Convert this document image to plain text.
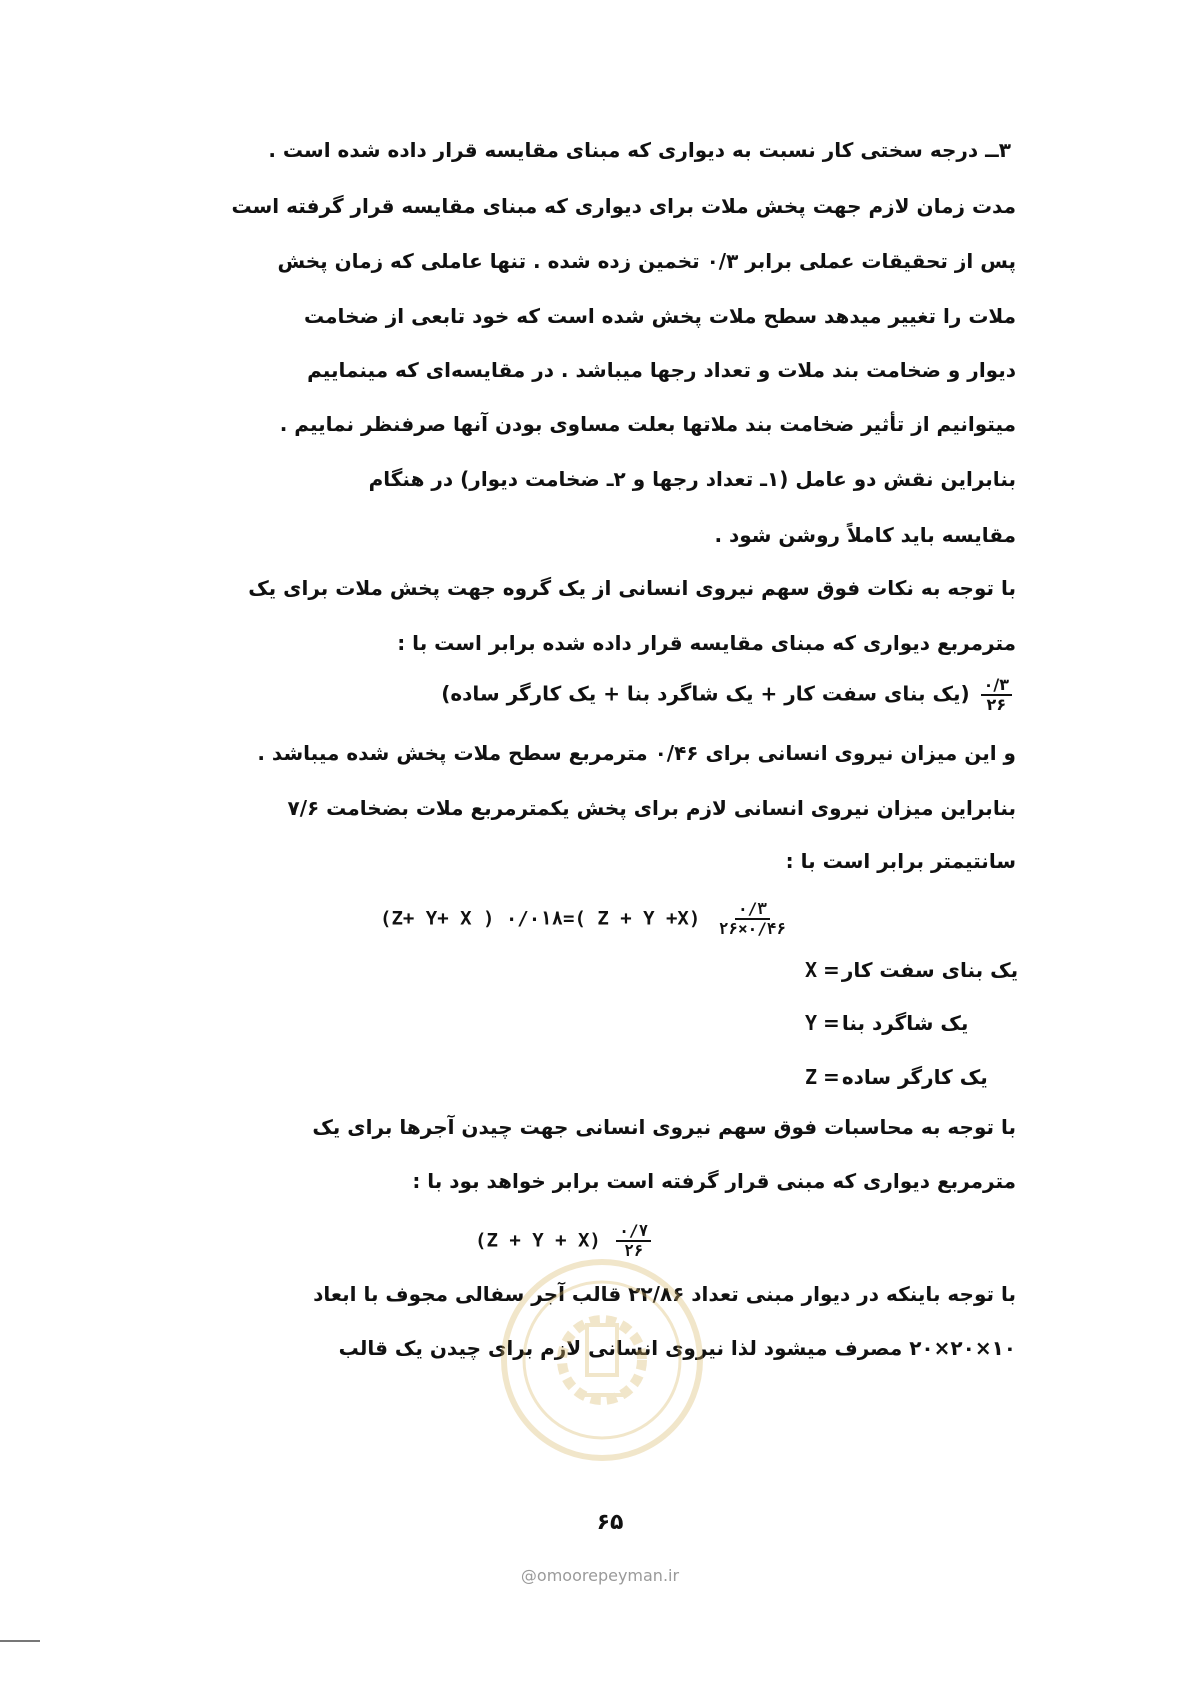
۳ــ درجه سختی کار نسبت به دیواری که مبنای مقایسه قرار داده شده است .
مدت زمان لازم جهت پخش ملات برای دیواری که مبنای مقایسه قرار گرفته است
پس از تحقیقات عملی برابر ۰/۳ تخمین زده شده . تنها عاملی که زمان پخش
ملات را تغییر میدهد سطح ملات پخش شده است که خود تابعی از ضخامت
دیوار و ضخامت بند ملات و تعداد رجها میباشد . در مقایسه‌ای که مینماییم
میتوانیم از تأثیر ضخامت بند ملاتها بعلت مساوی بودن آنها صرفنظر نماییم .
بنابراین نقش دو عامل (۱ـ تعداد رجها و ۲ـ ضخامت دیوار) در هنگام
مقایسه باید کاملاً روشن شود .
با توجه به نکات فوق سهم نیروی انسانی از یک گروه جهت پخش ملات برای یک
مترمربع دیواری که مبنای مقایسه قرار داده شده برابر است با :
$\frac{۰/۳}{۲۶}$
(یک بنای سفت کار + یک شاگرد بنا + یک کارگر ساده)
و این میزان نیروی انسانی برای ۰/۴۶ مترمربع سطح ملات پخش شده میباشد .
بنابراین میزان نیروی انسانی لازم برای پخش یکمترمربع ملات بضخامت ۷/۶
سانتیمتر برابر است با :
(Z+ Y+ X ) ۰/۰۱۸=( $Z + Y +X) \frac{۰/۳}{۲۶\times ۰/۴۶}$
X = یک بنای سفت کار
Y = یک شاگرد بنا
Z = یک کارگر ساده
با توجه به محاسبات فوق سهم نیروی انسانی جهت چیدن آجرها برای یک
مترمربع دیواری که مبنی قرار گرفته است برابر خواهد بود با :
$(Z + Y + X) \frac{۰/۷}{۲۶}$
با توجه باینکه در دیوار مبنی تعداد ۲۲/۸۶ قالب آجر سفالی مجوف با ابعاد
۱۰×۲۰×۲۰ مصرف میشود لذا نیروی انسانی لازم برای چیدن یک قالب
۶۵
@omoorepeyman.ir
